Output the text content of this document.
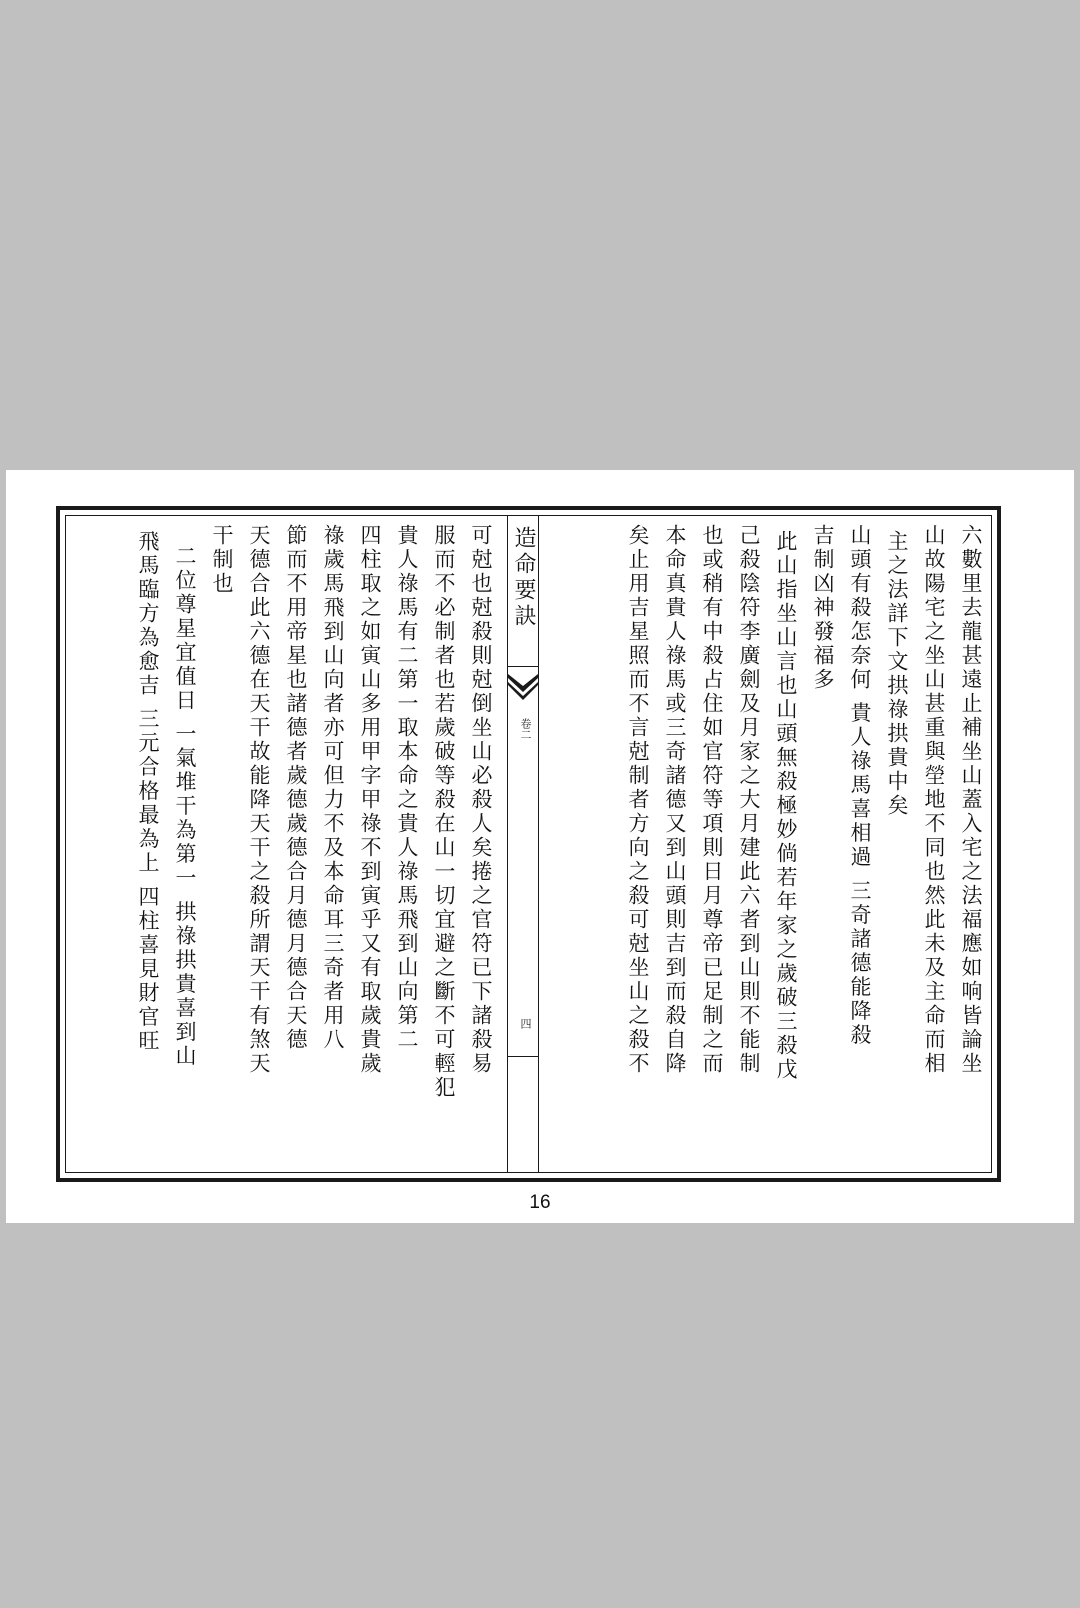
可尅也尅殺則尅倒坐山必殺人矣捲之官符已下諸殺易
服而不必制者也若歲破等殺在山一切宜避之斷不可輕犯
貴人祿馬有二第一取本命之貴人祿馬飛到山向第二
四柱取之如寅山多用甲字甲祿不到寅乎又有取歲貴歲
祿歲馬飛到山向者亦可但力不及本命耳三奇者用八
節而不用帝星也諸德者歲德歲德合月德月德合天德
天德合此六德在天干故能降天干之殺所謂天干有煞天
干制也
二位尊星宜值日 一氣堆干為第一 拱祿拱貴喜到山
飛馬臨方為愈吉 三元合格最為上 四柱喜見財官旺	造命要訣
卷二
四	六數里去龍甚遠止補坐山蓋入宅之法福應如响皆論坐
山故陽宅之坐山甚重與塋地不同也然此未及主命而相
主之法詳下文拱祿拱貴中矣
山頭有殺怎奈何 貴人祿馬喜相過 三奇諸德能降殺
吉制凶神發福多
此山指坐山言也山頭無殺極妙倘若年家之歲破三殺戊
己殺陰符李廣劍及月家之大月建此六者到山則不能制
也或稍有中殺占住如官符等項則日月尊帝已足制之而
本命真貴人祿馬或三奇諸德又到山頭則吉到而殺自降
矣止用吉星照而不言尅制者方向之殺可尅坐山之殺不
16
